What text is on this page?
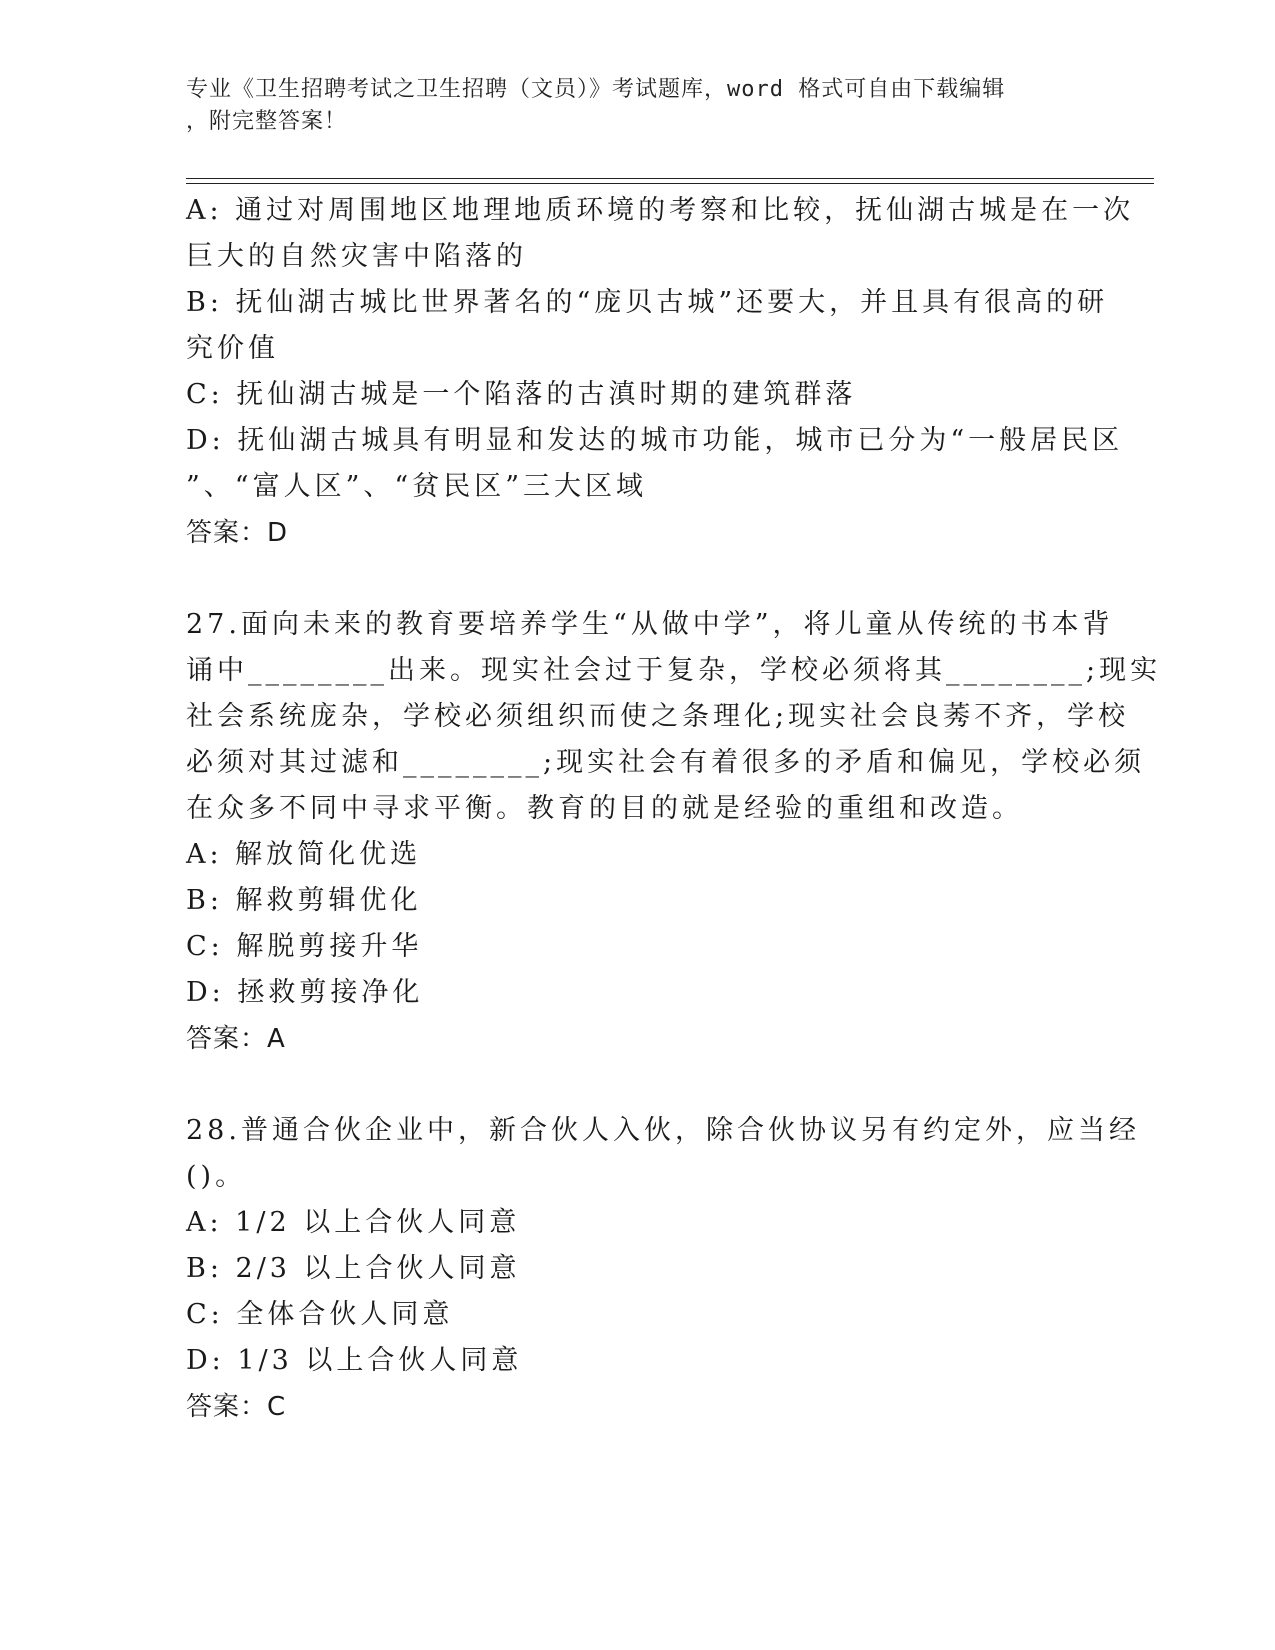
专业《卫生招聘考试之卫生招聘（文员）》考试题库，word 格式可自由下载编辑
，附完整答案！
A: 通过对周围地区地理地质环境的考察和比较，抚仙湖古城是在一次
巨大的自然灾害中陷落的
B: 抚仙湖古城比世界著名的“庞贝古城”还要大，并且具有很高的研
究价值
C: 抚仙湖古城是一个陷落的古滇时期的建筑群落
D: 抚仙湖古城具有明显和发达的城市功能，城市已分为“一般居民区
”、“富人区”、“贫民区”三大区域
答案：D
27.面向未来的教育要培养学生“从做中学”，将儿童从传统的书本背
诵中________出来。现实社会过于复杂，学校必须将其________;现实
社会系统庞杂，学校必须组织而使之条理化;现实社会良莠不齐，学校
必须对其过滤和________;现实社会有着很多的矛盾和偏见，学校必须
在众多不同中寻求平衡。教育的目的就是经验的重组和改造。
A: 解放简化优选
B: 解救剪辑优化
C: 解脱剪接升华
D: 拯救剪接净化
答案：A
28.普通合伙企业中，新合伙人入伙，除合伙协议另有约定外，应当经
()。
A: 1/2 以上合伙人同意
B: 2/3 以上合伙人同意
C: 全体合伙人同意
D: 1/3 以上合伙人同意
答案：C
